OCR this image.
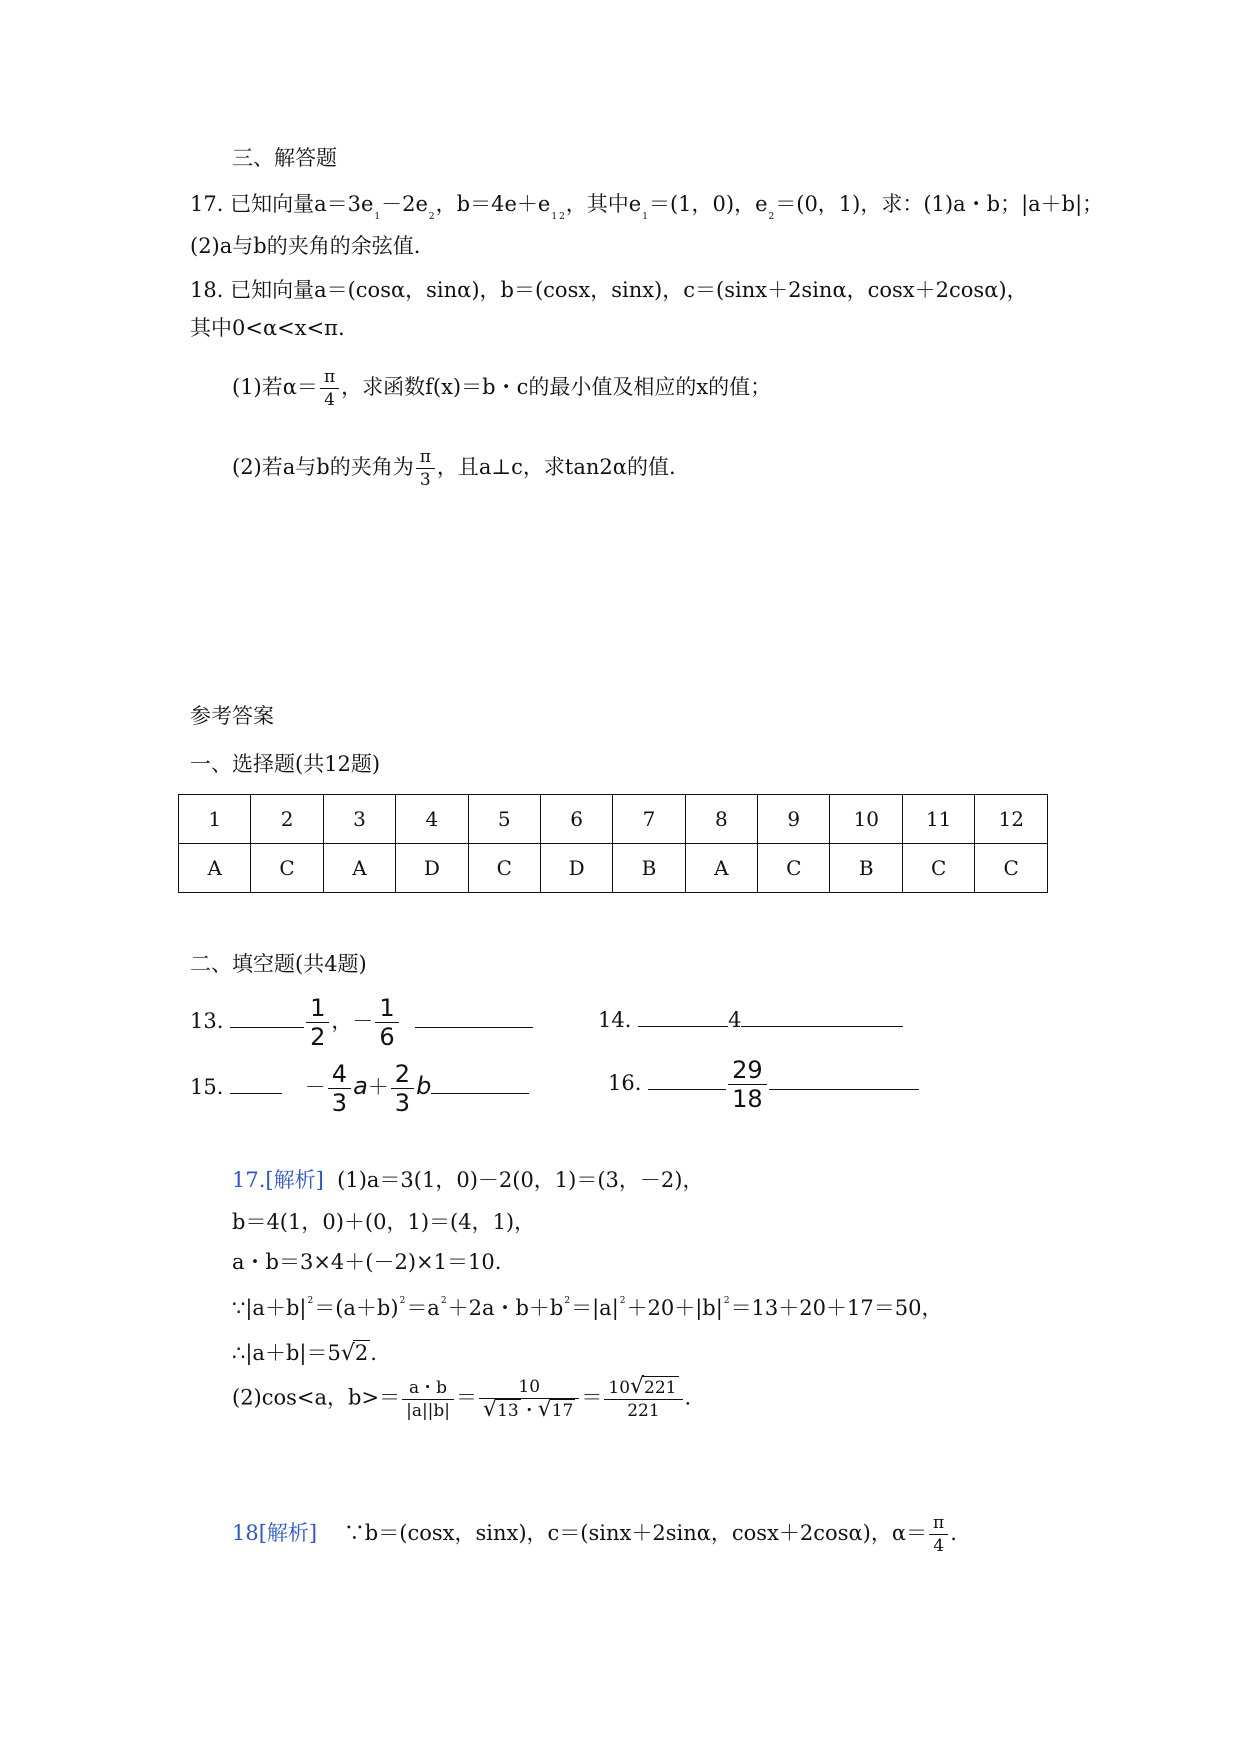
三、解答题
17. 已知向量$a=3e_1-2e_2$，$b=4e+e_1$ $_2$，其中$e_1=(1$，0)，$e_2=(0$，1)，求：(1)a・b；|a＋b|；
(2)a与b的夹角的余弦值.
18. 已知向量a＝(cosα，sinα)，b＝(cosx，sinx)，c＝(sinx＋2sinα，cosx＋2cosα)，
其中0<α<x<π.
(1)若$\alpha= \frac{\pi}{4}$ ，求函数f(x)＝b・c的最小值及相应的x的值；
(2)若a与b的夹角为 $\frac{\pi}{3}$ ，且a⊥c，求tan2α的值.
参考答案
一、选择题(共12题)
1	2	3	4	5	6	7	8	9	10	11	12
A	C	A	D	C	D	B	A	C	B	C	C
二、填空题(共4题)
13.	$\frac{1}{2}$ ，－ $\frac{1}{6}$
	14.	4
15.	－ $\frac{4}{3} a+ \frac{2}{3}$ b	16.	$\frac{29}{18}$
17.[解析] (1)a＝3(1，0)－2(0，1)＝(3，－2)，
b＝4(1，0)＋(0，1)＝(4，1)，
a・b＝3×4＋(－2)×1＝10.
$\because|a+b|^2=(a+b)^2=a^2+2a$・$b+b^2=|a|^2+20+|b|^2=13+20+17=50$，
∴|a＋b|＝5√2.
(2)cos<a，$b>= \frac{a・b}{|a||b|} = \frac{10}{√13 ・√17} = \frac{10√221}{221}$ .
18[解析] ∵b＝(cosx，sinx)，c＝(sinx＋2sinα，cosx＋2cosα)，$\alpha= \frac{\pi}{4}$ .
